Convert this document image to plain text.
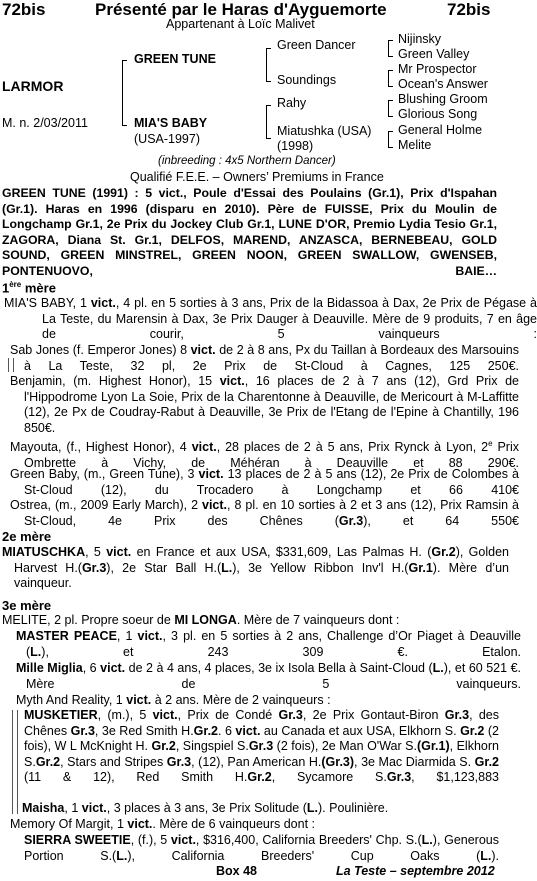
72bis	Présenté par le Haras d'Ayguemorte	72bis
Appartenant à Loïc Malivet
LARMOR
M. n. 2/03/2011
GREEN TUNE
MIA'S BABY
(USA-1997)
Green Dancer
Soundings
Rahy
Miatushka (USA)
(1998)
Nijinsky
Green Valley
Mr Prospector
Ocean's Answer
Blushing Groom
Glorious Song
General Holme
Melite
(inbreeding : 4x5 Northern Dancer)
Qualifié F.E.E. – Owners’ Premiums in France

GREEN TUNE (1991) : 5 vict., Poule d'Essai des Poulains (Gr.1), Prix d'Ispahan (Gr.1). Haras en 1996 (disparu en 2010). Père de FUISSE, Prix du Moulin de Longchamp Gr.1, 2e Prix du Jockey Club Gr.1, LUNE D'OR, Premio Lydia Tesio Gr.1, ZAGORA, Diana St. Gr.1, DELFOS, MAREND, ANZASCA, BERNEBEAU, GOLD SOUND, GREEN MINSTREL, GREEN NOON, GREEN SWALLOW, GWENSEB, PONTENUOVO, BAIE…

1ère mère

MIA'S BABY, 1 vict., 4 pl. en 5 sorties à 3 ans, Prix de la Bidassoa à Dax, 2e Prix de Pégase à La Teste, du Marensin à Dax, 3e Prix Dauger à Deauville. Mère de 9 produits, 7 en âge de courir, 5 vainqueurs :

Sab Jones (f. Emperor Jones) 8 vict. de 2 à 8 ans, Px du Taillan à Bordeaux des Marsouins à La Teste, 32 pl, 2e Prix de St-Cloud à Cagnes, 125 250€.

Benjamin, (m. Highest Honor), 15 vict., 16 places de 2 à 7 ans (12), Grd Prix de l'Hippodrome Lyon La Soie, Prix de la Charentonne à Deauville, de Mericourt à M-Laffitte (12), 2e Px de Coudray-Rabut à Deauville, 3e Prix de l'Etang de l'Epine à Chantilly, 196 850€.

Mayouta, (f., Highest Honor), 4 vict., 28 places de 2 à 5 ans, Prix Rynck à Lyon, 2e Prix Ombrette à Vichy, de Méhéran à Deauville et 88 290€.

Green Baby, (m., Green Tune), 3 vict. 13 places de 2 à 5 ans (12), 2e Prix de Colombes à St-Cloud (12), du Trocadero à Longchamp et 66 410€

Ostrea, (m., 2009 Early March), 2 vict., 8 pl. en 10 sorties à 2 et 3 ans (12), Prix Ramsin à St-Cloud, 4e Prix des Chênes (Gr.3), et 64 550€

2e mère

MIATUSCHKA, 5 vict. en France et aux USA, $331,609, Las Palmas H. (Gr.2), Golden Harvest H.(Gr.3), 2e Star Ball H.(L.), 3e Yellow Ribbon Inv'l H.(Gr.1). Mère d’un vainqueur.

3e mère

MELITE, 2 pl. Propre soeur de MI LONGA. Mère de 7 vainqueurs dont :

MASTER PEACE, 1 vict., 3 pl. en 5 sorties à 2 ans, Challenge d’Or Piaget à Deauville (L.), et 243 309 €. Etalon.

Mille Miglia, 6 vict. de 2 à 4 ans, 4 places, 3e ix Isola Bella à Saint-Cloud (L.), et 60 521 €. Mère de 5 vainqueurs.

Myth And Reality, 1 vict. à 2 ans. Mère de 2 vainqueurs :

MUSKETIER, (m.), 5 vict., Prix de Condé Gr.3, 2e Prix Gontaut-Biron Gr.3, des Chênes Gr.3, 3e Red Smith H.Gr.2. 6 vict. au Canada et aux USA, Elkhorn S. Gr.2 (2 fois), W L McKnight H. Gr.2, Singspiel S.Gr.3 (2 fois), 2e Man O'War S.(Gr.1), Elkhorn S.Gr.2, Stars and Stripes Gr.3, (12), Pan American H.(Gr.3), 3e Mac Diarmida S. Gr.2 (11 & 12), Red Smith H.Gr.2, Sycamore S.Gr.3, $1,123,883

Maisha, 1 vict., 3 places à 3 ans, 3e Prix Solitude (L.). Poulinière.

Memory Of Margit, 1 vict.. Mère de 6 vainqueurs dont :

SIERRA SWEETIE, (f.), 5 vict., $316,400, California Breeders' Chp. S.(L.), Generous Portion S.(L.), California Breeders' Cup Oaks (L.).

Box 48	La Teste – septembre 2012
